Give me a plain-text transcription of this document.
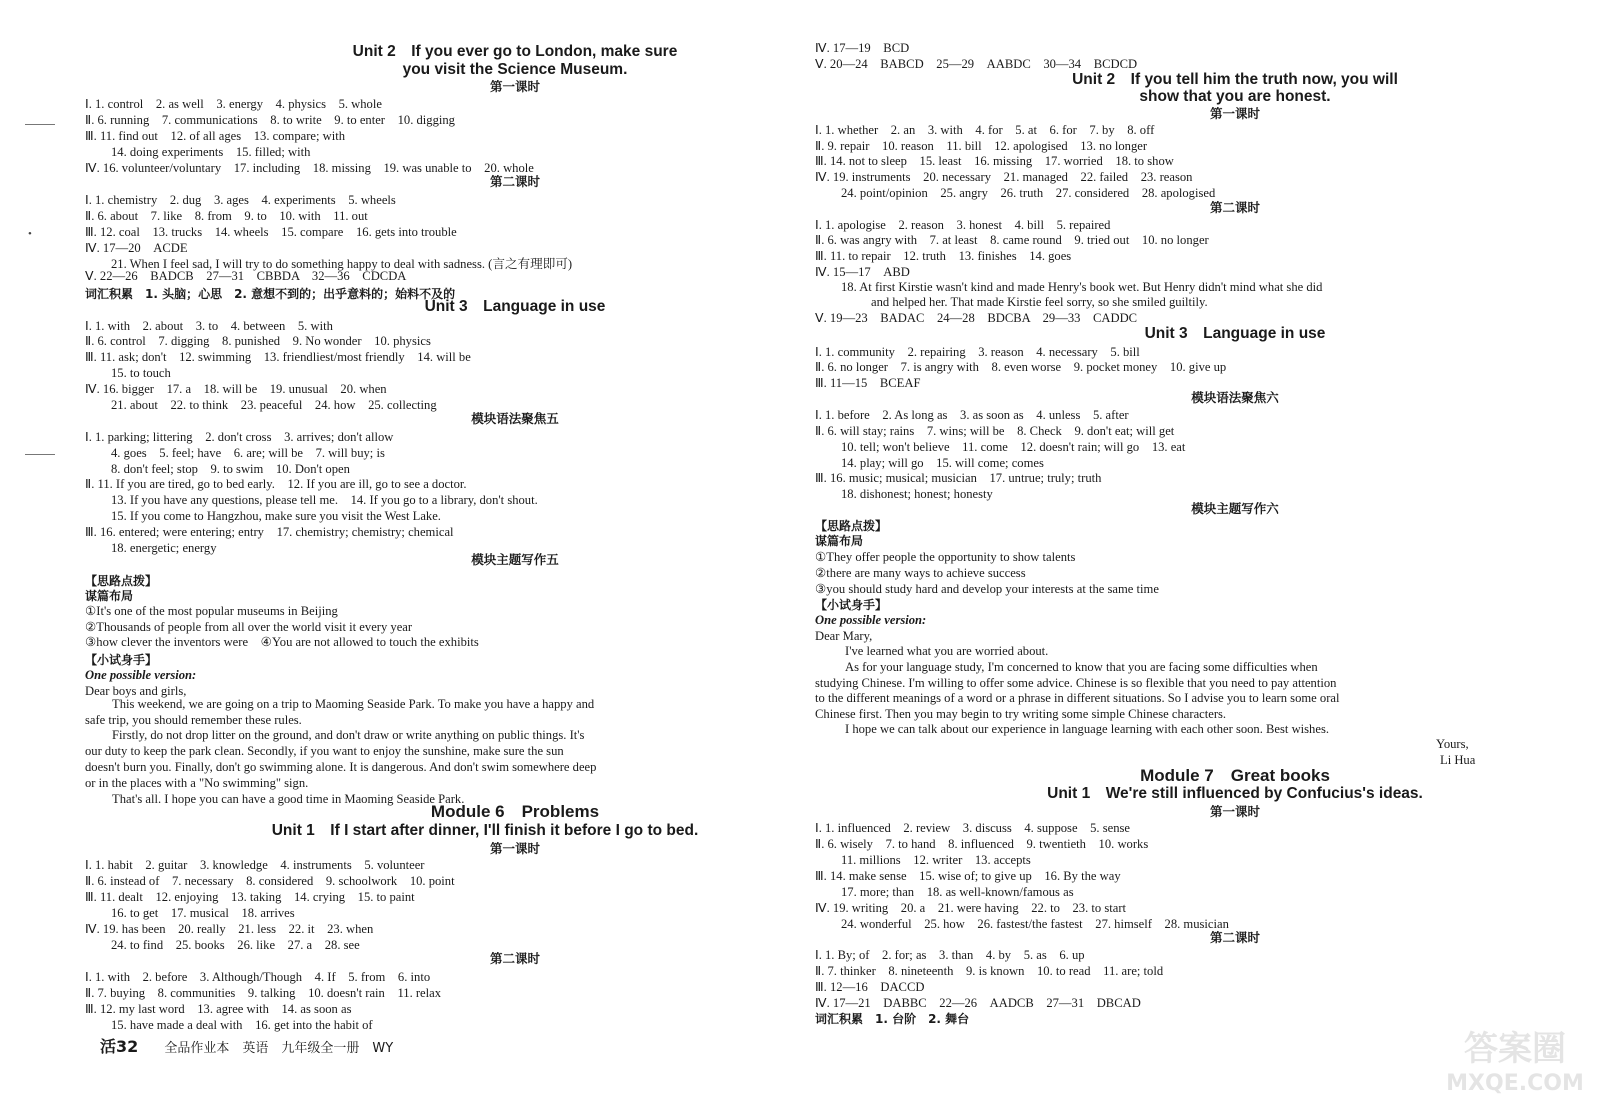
Unit 2　If you ever go to London, make sure
you visit the Science Museum.
第一课时
Ⅰ. 1. control　2. as well　3. energy　4. physics　5. whole
Ⅱ. 6. running　7. communications　8. to write　9. to enter　10. digging
Ⅲ. 11. find out　12. of all ages　13. compare; with
14. doing experiments　15. filled; with
Ⅳ. 16. volunteer/voluntary　17. including　18. missing　19. was unable to　20. whole
第二课时
Ⅰ. 1. chemistry　2. dug　3. ages　4. experiments　5. wheels
Ⅱ. 6. about　7. like　8. from　9. to　10. with　11. out
Ⅲ. 12. coal　13. trucks　14. wheels　15. compare　16. gets into trouble
Ⅳ. 17—20　ACDE
21. When I feel sad, I will try to do something happy to deal with sadness. (言之有理即可)
Ⅴ. 22—26　BADCB　27—31　CBBDA　32—36　CDCDA
词汇积累　1. 头脑；心思　2. 意想不到的；出乎意料的；始料不及的
Unit 3　Language in use
Ⅰ. 1. with　2. about　3. to　4. between　5. with
Ⅱ. 6. control　7. digging　8. punished　9. No wonder　10. physics
Ⅲ. 11. ask; don't　12. swimming　13. friendliest/most friendly　14. will be
15. to touch
Ⅳ. 16. bigger　17. a　18. will be　19. unusual　20. when
21. about　22. to think　23. peaceful　24. how　25. collecting
模块语法聚焦五
Ⅰ. 1. parking; littering　2. don't cross　3. arrives; don't allow
4. goes　5. feel; have　6. are; will be　7. will buy; is
8. don't feel; stop　9. to swim　10. Don't open
Ⅱ. 11. If you are tired, go to bed early.　12. If you are ill, go to see a doctor.
13. If you have any questions, please tell me.　14. If you go to a library, don't shout.
15. If you come to Hangzhou, make sure you visit the West Lake.
Ⅲ. 16. entered; were entering; entry　17. chemistry; chemistry; chemical
18. energetic; energy
模块主题写作五
【思路点拨】
谋篇布局
①It's one of the most popular museums in Beijing
②Thousands of people from all over the world visit it every year
③how clever the inventors were　④You are not allowed to touch the exhibits
【小试身手】
One possible version:
Dear boys and girls,
This weekend, we are going on a trip to Maoming Seaside Park. To make you have a happy and
safe trip, you should remember these rules.
Firstly, do not drop litter on the ground, and don't draw or write anything on public things. It's
our duty to keep the park clean. Secondly, if you want to enjoy the sunshine, make sure the sun
doesn't burn you. Finally, don't go swimming alone. It is dangerous. And don't swim somewhere deep
or in the places with a "No swimming" sign.
That's all. I hope you can have a good time in Maoming Seaside Park.
Module 6　Problems
Unit 1　If I start after dinner, I'll finish it before I go to bed.
第一课时
Ⅰ. 1. habit　2. guitar　3. knowledge　4. instruments　5. volunteer
Ⅱ. 6. instead of　7. necessary　8. considered　9. schoolwork　10. point
Ⅲ. 11. dealt　12. enjoying　13. taking　14. crying　15. to paint
16. to get　17. musical　18. arrives
Ⅳ. 19. has been　20. really　21. less　22. it　23. when
24. to find　25. books　26. like　27. a　28. see
第二课时
Ⅰ. 1. with　2. before　3. Although/Though　4. If　5. from　6. into
Ⅱ. 7. buying　8. communities　9. talking　10. doesn't rain　11. relax
Ⅲ. 12. my last word　13. agree with　14. as soon as
15. have made a deal with　16. get into the habit of
Ⅳ. 17—19　BCD
Ⅴ. 20—24　BABCD　25—29　AABDC　30—34　BCDCD
Unit 2　If you tell him the truth now, you will
show that you are honest.
第一课时
Ⅰ. 1. whether　2. an　3. with　4. for　5. at　6. for　7. by　8. off
Ⅱ. 9. repair　10. reason　11. bill　12. apologised　13. no longer
Ⅲ. 14. not to sleep　15. least　16. missing　17. worried　18. to show
Ⅳ. 19. instruments　20. necessary　21. managed　22. failed　23. reason
24. point/opinion　25. angry　26. truth　27. considered　28. apologised
第二课时
Ⅰ. 1. apologise　2. reason　3. honest　4. bill　5. repaired
Ⅱ. 6. was angry with　7. at least　8. came round　9. tried out　10. no longer
Ⅲ. 11. to repair　12. truth　13. finishes　14. goes
Ⅳ. 15—17　ABD
18. At first Kirstie wasn't kind and made Henry's book wet. But Henry didn't mind what she did
and helped her. That made Kirstie feel sorry, so she smiled guiltily.
Ⅴ. 19—23　BADAC　24—28　BDCBA　29—33　CADDC
Unit 3　Language in use
Ⅰ. 1. community　2. repairing　3. reason　4. necessary　5. bill
Ⅱ. 6. no longer　7. is angry with　8. even worse　9. pocket money　10. give up
Ⅲ. 11—15　BCEAF
模块语法聚焦六
Ⅰ. 1. before　2. As long as　3. as soon as　4. unless　5. after
Ⅱ. 6. will stay; rains　7. wins; will be　8. Check　9. don't eat; will get
10. tell; won't believe　11. come　12. doesn't rain; will go　13. eat
14. play; will go　15. will come; comes
Ⅲ. 16. music; musical; musician　17. untrue; truly; truth
18. dishonest; honest; honesty
模块主题写作六
【思路点拨】
谋篇布局
①They offer people the opportunity to show talents
②there are many ways to achieve success
③you should study hard and develop your interests at the same time
【小试身手】
One possible version:
Dear Mary,
I've learned what you are worried about.
As for your language study, I'm concerned to know that you are facing some difficulties when
studying Chinese. I'm willing to offer some advice. Chinese is so flexible that you need to pay attention
to the different meanings of a word or a phrase in different situations. So I advise you to learn some oral
Chinese first. Then you may begin to try writing some simple Chinese characters.
I hope we can talk about our experience in language learning with each other soon. Best wishes.
Yours,
Li Hua
Module 7　Great books
Unit 1　We're still influenced by Confucius's ideas.
第一课时
Ⅰ. 1. influenced　2. review　3. discuss　4. suppose　5. sense
Ⅱ. 6. wisely　7. to hand　8. influenced　9. twentieth　10. works
11. millions　12. writer　13. accepts
Ⅲ. 14. make sense　15. wise of; to give up　16. By the way
17. more; than　18. as well-known/famous as
Ⅳ. 19. writing　20. a　21. were having　22. to　23. to start
24. wonderful　25. how　26. fastest/the fastest　27. himself　28. musician
第二课时
Ⅰ. 1. By; of　2. for; as　3. than　4. by　5. as　6. up
Ⅱ. 7. thinker　8. nineteenth　9. is known　10. to read　11. are; told
Ⅲ. 12—16　DACCD
Ⅳ. 17—21　DABBC　22—26　AADCB　27—31　DBCAD
词汇积累　1. 台阶　2. 舞台
•
活32 全品作业本　英语　九年级全一册　WY	答案圈
MXQE.COM
